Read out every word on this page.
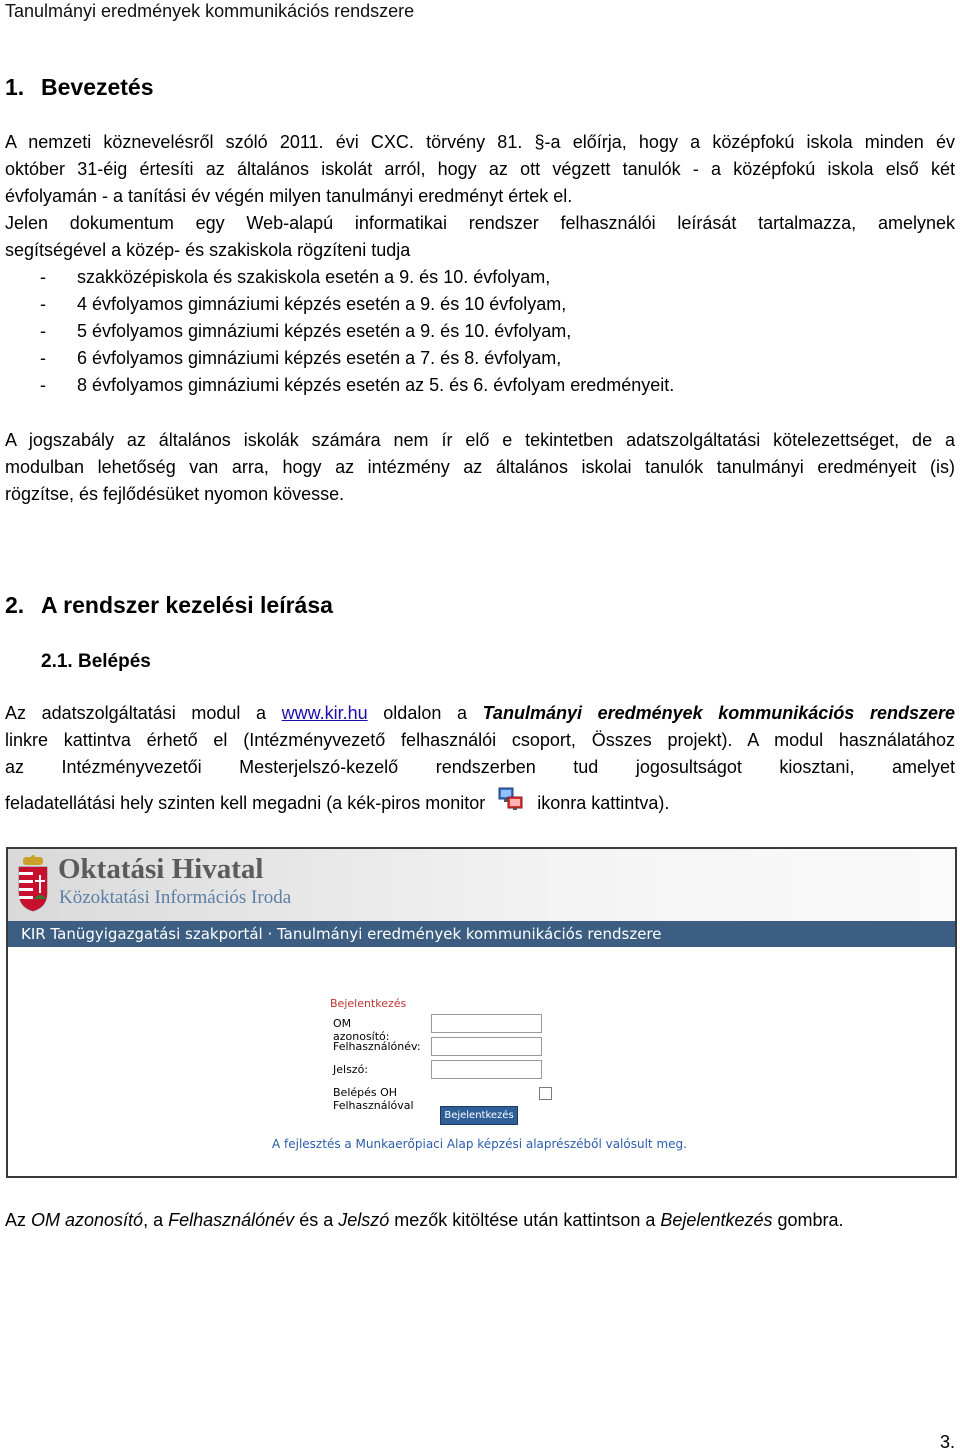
Tanulmányi eredmények kommunikációs rendszere
1. Bevezetés
A nemzeti köznevelésről szóló 2011. évi CXC. törvény 81. §-a előírja, hogy a középfokú iskola minden év
október 31-éig értesíti az általános iskolát arról, hogy az ott végzett tanulók - a középfokú iskola első két
évfolyamán - a tanítási év végén milyen tanulmányi eredményt értek el.
Jelen dokumentum egy Web-alapú informatikai rendszer felhasználói leírását tartalmazza, amelynek
segítségével a közép- és szakiskola rögzíteni tudja
- szakközépiskola és szakiskola esetén a 9. és 10. évfolyam,
- 4 évfolyamos gimnáziumi képzés esetén a 9. és 10 évfolyam,
- 5 évfolyamos gimnáziumi képzés esetén a 9. és 10. évfolyam,
- 6 évfolyamos gimnáziumi képzés esetén a 7. és 8. évfolyam,
- 8 évfolyamos gimnáziumi képzés esetén az 5. és 6. évfolyam eredményeit.
A jogszabály az általános iskolák számára nem ír elő e tekintetben adatszolgáltatási kötelezettséget, de a
modulban lehetőség van arra, hogy az intézmény az általános iskolai tanulók tanulmányi eredményeit (is)
rögzítse, és fejlődésüket nyomon kövesse.
2. A rendszer kezelési leírása
2.1. Belépés
Az adatszolgáltatási modul a www.kir.hu oldalon a Tanulmányi eredmények kommunikációs rendszere
linkre kattintva érhető el (Intézményvezető felhasználói csoport, Összes projekt). A modul használatához
az Intézményvezetői Mesterjelszó-kezelő rendszerben tud jogosultságot kiosztani, amelyet
feladatellátási hely szinten kell megadni (a kék-piros monitor	ikonra kattintva).
Oktatási Hivatal
Közoktatási Információs Iroda
KIR Tanügyigazgatási szakportál · Tanulmányi eredmények kommunikációs rendszere
Bejelentkezés
OM azonosító:
Felhasználónév:
Jelszó:
Belépés OH Felhasználóval
Bejelentkezés
A fejlesztés a Munkaerőpiaci Alap képzési alaprészéből valósult meg.
Az OM azonosító, a Felhasználónév és a Jelszó mezők kitöltése után kattintson a Bejelentkezés gombra.
3.
